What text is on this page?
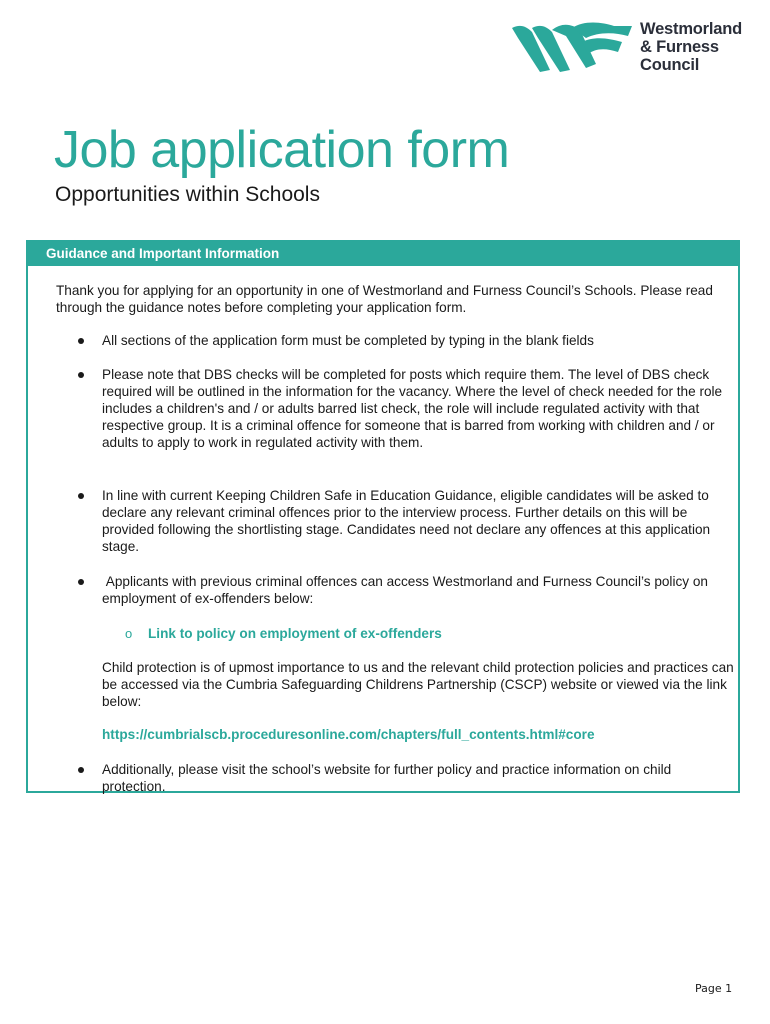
Westmorland
& Furness
Council
Job application form
Opportunities within Schools
Guidance and Important Information
Thank you for applying for an opportunity in one of Westmorland and Furness Council’s Schools. Please read through the guidance notes before completing your application form.
All sections of the application form must be completed by typing in the blank fields
Please note that DBS checks will be completed for posts which require them. The level of DBS check required will be outlined in the information for the vacancy. Where the level of check needed for the role includes a children's and / or adults barred list check, the role will include regulated activity with that respective group. It is a criminal offence for someone that is barred from working with children and / or adults to apply to work in regulated activity with them.
In line with current Keeping Children Safe in Education Guidance, eligible candidates will be asked to declare any relevant criminal offences prior to the interview process. Further details on this will be provided following the shortlisting stage. Candidates need not declare any offences at this application stage.
Applicants with previous criminal offences can access Westmorland and Furness Council’s policy on employment of ex-offenders below:
o Link to policy on employment of ex-offenders
Child protection is of upmost importance to us and the relevant child protection policies and practices can be accessed via the Cumbria Safeguarding Childrens Partnership (CSCP) website or viewed via the link below:
https://cumbrialscb.proceduresonline.com/chapters/full_contents.html#core
Additionally, please visit the school’s website for further policy and practice information on child protection.
Page 1
